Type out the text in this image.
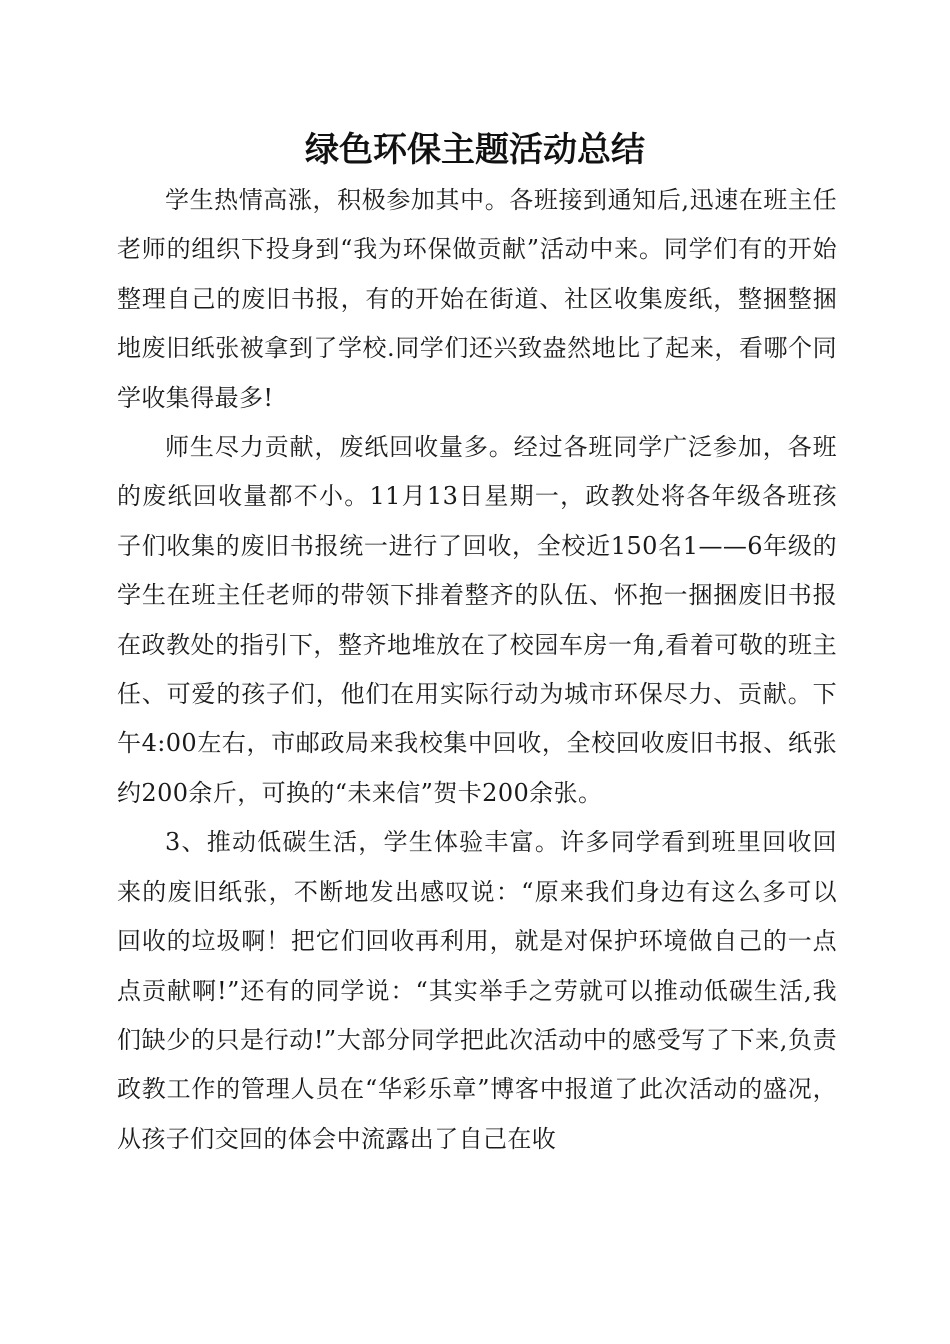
绿色环保主题活动总结

学生热情高涨，积极参加其中。各班接到通知后,迅速在班主任老师的组织下投身到“我为环保做贡献”活动中来。同学们有的开始整理自己的废旧书报，有的开始在街道、社区收集废纸，整捆整捆地废旧纸张被拿到了学校.同学们还兴致盎然地比了起来，看哪个同学收集得最多!

师生尽力贡献，废纸回收量多。经过各班同学广泛参加，各班的废纸回收量都不小。11月13日星期一，政教处将各年级各班孩子们收集的废旧书报统一进行了回收，全校近150名1——6年级的学生在班主任老师的带领下排着整齐的队伍、怀抱一捆捆废旧书报在政教处的指引下，整齐地堆放在了校园车房一角,看着可敬的班主任、可爱的孩子们，他们在用实际行动为城市环保尽力、贡献。下午4:00左右，市邮政局来我校集中回收，全校回收废旧书报、纸张约200余斤，可换的“未来信”贺卡200余张。

3、推动低碳生活，学生体验丰富。许多同学看到班里回收回来的废旧纸张，不断地发出感叹说：“原来我们身边有这么多可以回收的垃圾啊！把它们回收再利用，就是对保护环境做自己的一点点贡献啊!”还有的同学说：“其实举手之劳就可以推动低碳生活,我们缺少的只是行动!”大部分同学把此次活动中的感受写了下来,负责政教工作的管理人员在“华彩乐章”博客中报道了此次活动的盛况，从孩子们交回的体会中流露出了自己在收
